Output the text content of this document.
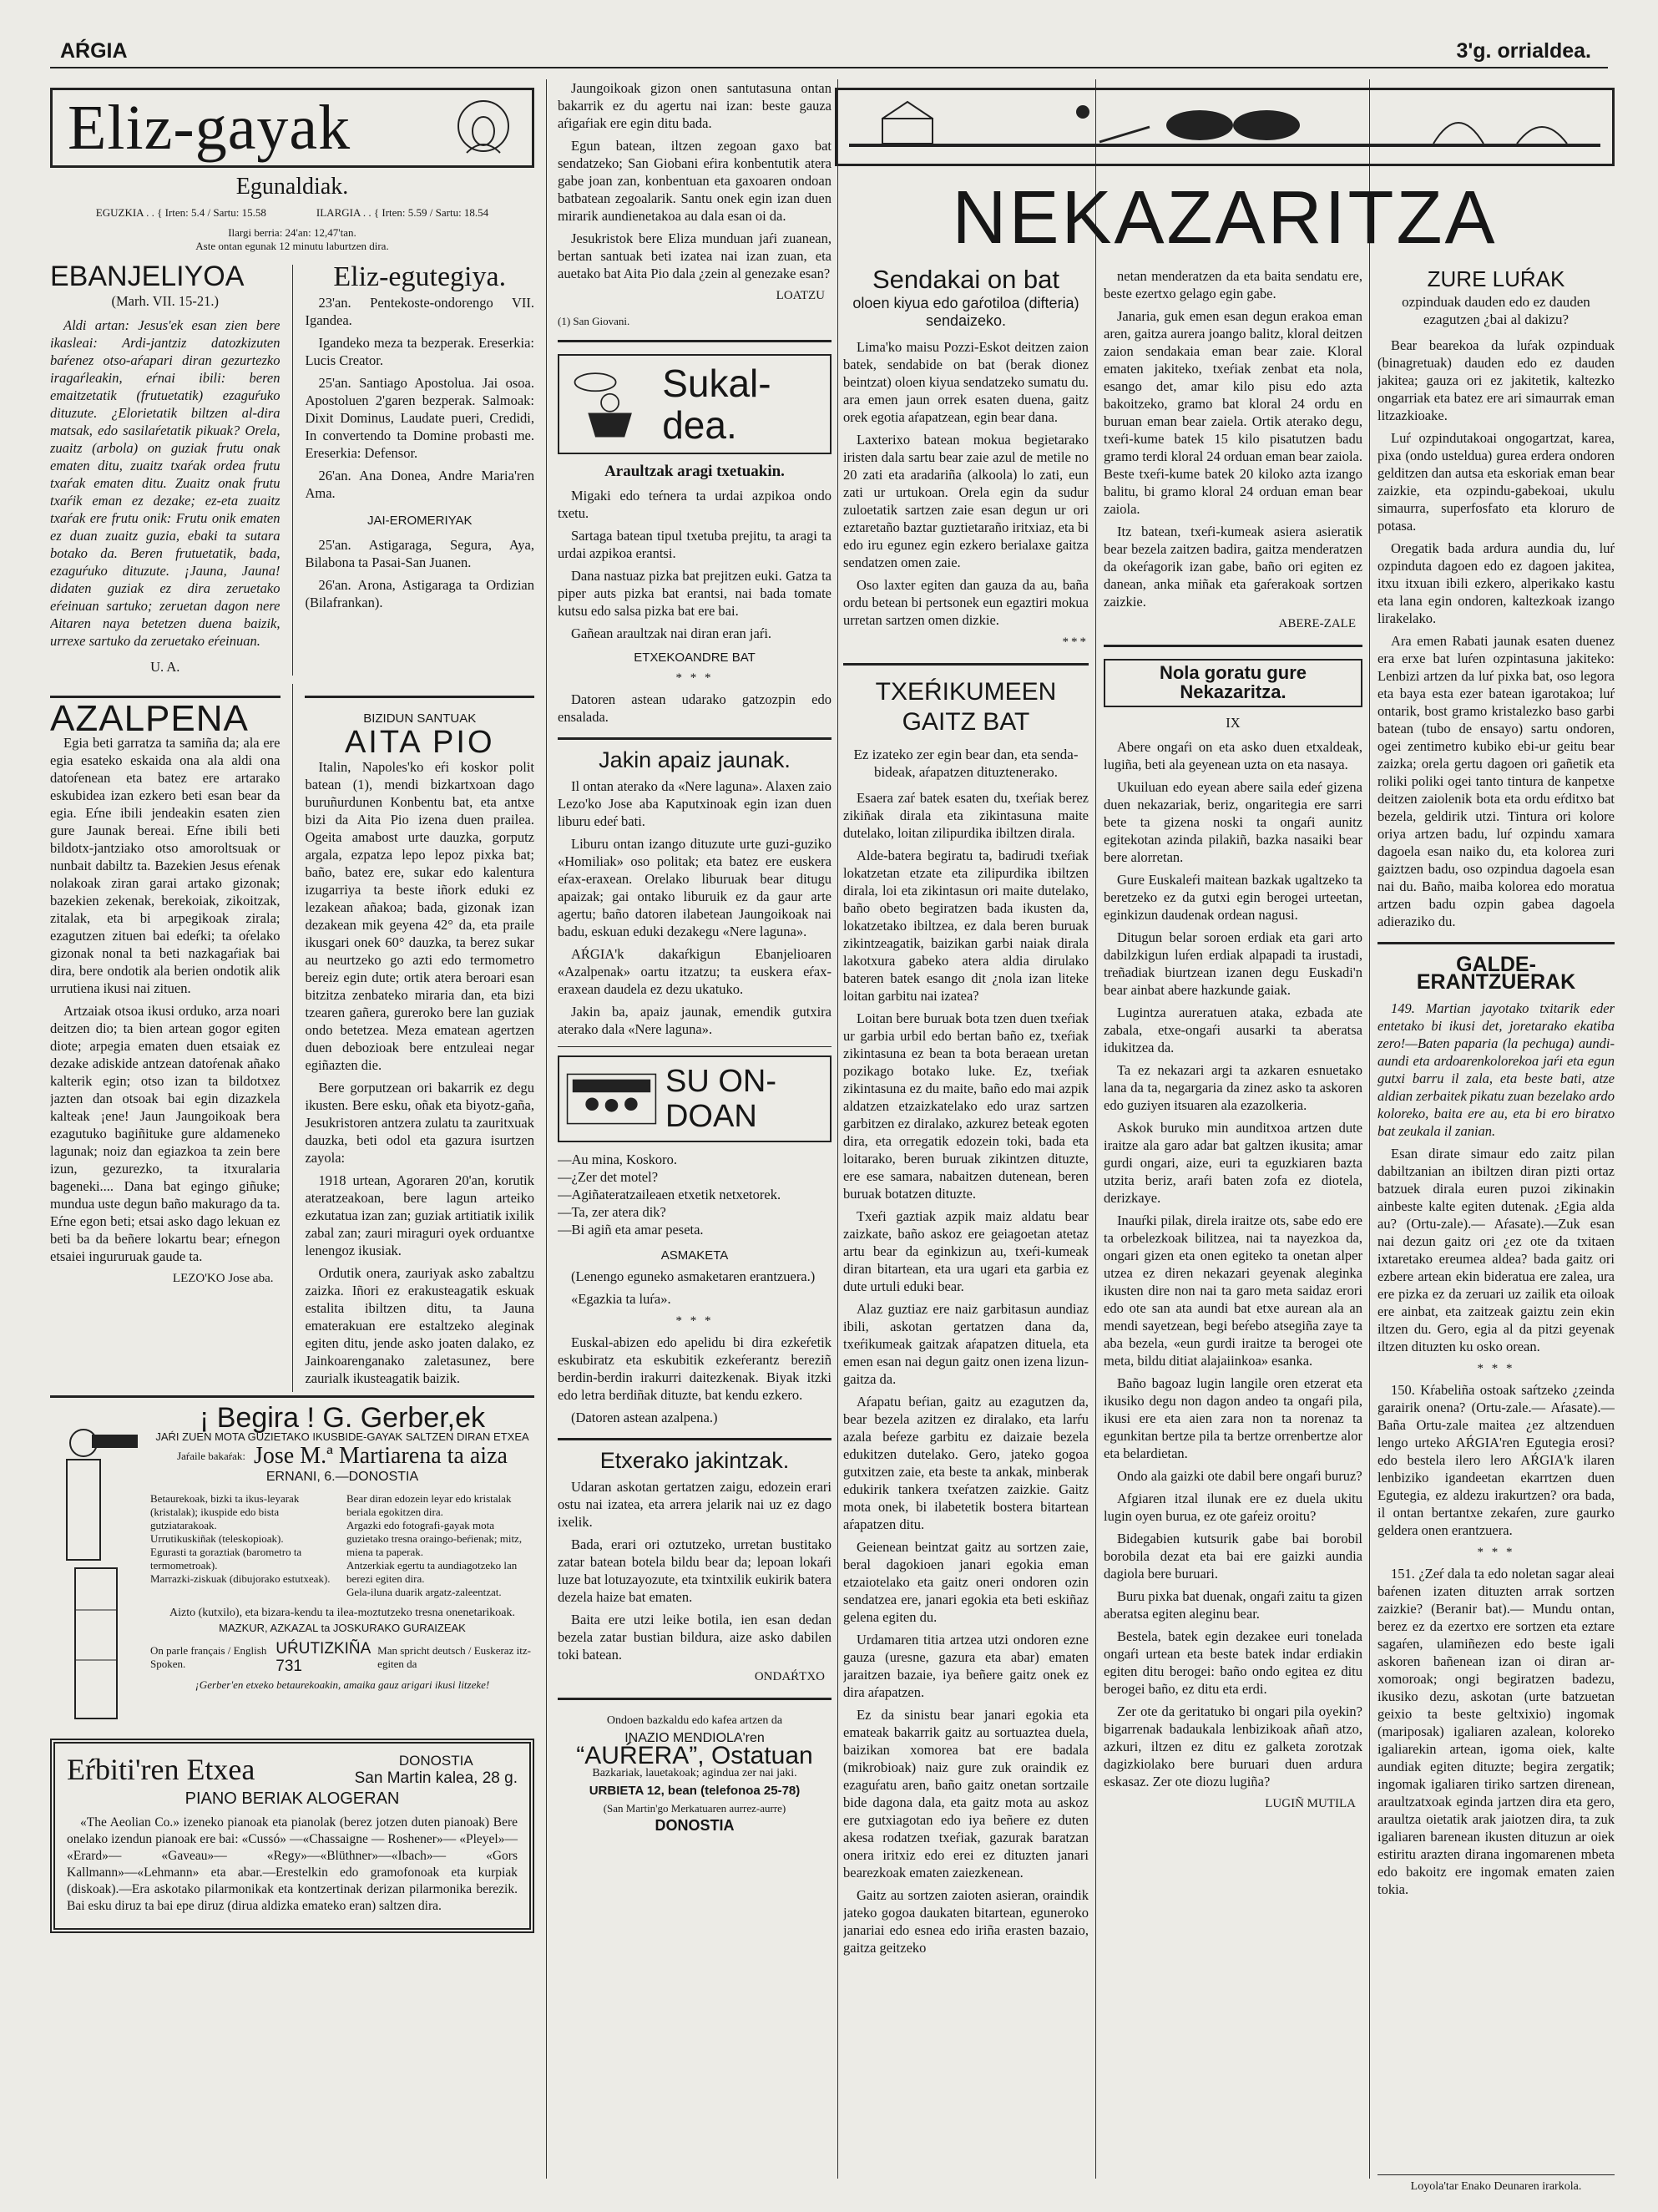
AŔGIA	3'g. orrialdea.
Eliz-gayak
Egunaldiak.
EGUZKIA . . { Irten: 5.4 / Sartu: 15.58	ILARGIA . . { Irten: 5.59 / Sartu: 18.54
Ilargi berria: 24'an: 12,47'tan.
Aste ontan egunak 12 minutu laburtzen dira.
EBANJELIYOA
(Marh. VII. 15-21.)

Aldi artan: Jesus'ek esan zien bere ikasleai: Ardi-jantziz datozkizuten baŕenez otso-aŕapari diran gezurtezko iragaŕleakin, eŕnai ibili: beren emaitzetatik (frutuetatik) ezaguŕuko dituzute. ¿Elorietatik biltzen al-dira matsak, edo sasilaŕetatik pikuak? Orela, zuaitz (arbola) on guziak frutu onak ematen ditu, zuaitz txaŕak ordea frutu txaŕak ematen ditu. Zuaitz onak frutu txaŕik eman ez dezake; ez-eta zuaitz txaŕak ere frutu onik: Frutu onik ematen ez duan zuaitz guzia, ebaki ta sutara botako da. Beren frutuetatik, bada, ezaguŕuko dituzute. ¡Jauna, Jauna! didaten guziak ez dira zeruetako eŕeinuan sartuko; zeruetan dagon nere Aitaren naya betetzen duena baizik, urrexe sartuko da zeruetako eŕeinuan.

U. A.
Eliz-egutegiya.

23'an. Pentekoste-ondorengo VII. Igandea.

Igandeko meza ta bezperak. Ereserkia: Lucis Creator.

25'an. Santiago Apostolua. Jai osoa. Apostoluen 2'garen bezperak. Salmoak: Dixit Dominus, Laudate pueri, Credidi, In convertendo ta Domine probasti me. Ereserkia: Defensor.

26'an. Ana Donea, Andre Maria'ren Ama.

JAI-EROMERIYAK

25'an. Astigaraga, Segura, Aya, Bilabona ta Pasai-San Juanen.

26'an. Arona, Astigaraga ta Ordizian (Bilafrankan).

AZALPENA

Egia beti garratza ta samiña da; ala ere egia esateko eskaida ona ala aldi ona datoŕenean eta batez ere artarako eskubidea izan ezkero beti esan bear da egia. Eŕne ibili jendeakin esaten zien gure Jaunak bereai. Eŕne ibili beti bildotx-jantziako otso amoroltsuak or nunbait dabiltz ta. Bazekien Jesus eŕenak nolakoak ziran garai artako gizonak; bazekien zekenak, berekoiak, zikoitzak, zitalak, eta bi arpegikoak zirala; ezagutzen zituen bai edeŕki; ta oŕelako gizonak nonal ta beti nazkagaŕiak bai dira, bere ondotik ala berien ondotik alik urrutiena ikusi nai zituen.

Artzaiak otsoa ikusi orduko, arza noari deitzen dio; ta bien artean gogor egiten diote; arpegia ematen duen etsaiak ez dezake adiskide antzean datoŕenak añako kalterik egin; otso izan ta bildotxez jazten dan otsoak bai egin dizazkela kalteak ¡ene! Jaun Jaungoikoak bera ezagutuko bagiñituke gure aldameneko lagunak; noiz dan egiazkoa ta zein bere izun, gezurezko, ta itxuralaria bageneki.... Dana bat egingo giñuke; mundua uste degun baño makurago da ta. Eŕne egon beti; etsai asko dago lekuan ez beti ba da beñere lokartu bear; eŕnegon etsaiei ingururuak gaude ta.

LEZO'KO Jose aba.
BIZIDUN SANTUAK
AITA PIO

Italin, Napoles'ko eŕi koskor polit batean (1), mendi bizkartxoan dago buruñurdunen Konbentu bat, eta antxe bizi da Aita Pio izena duen prailea. Ogeita amabost urte dauzka, gorputz argala, ezpatza lepo lepoz pixka bat; baño, batez ere, sukar edo kalentura izugarriya ta beste iñork eduki ez lezakean añakoa; bada, gizonak izan dezakean mik geyena 42° da, eta praile ikusgari onek 60° dauzka, ta berez sukar au neurtzeko go azti edo termometro bereiz egin dute; ortik atera beroari esan bitzitza zenbateko miraria dan, eta bizi tzearen gañera, gureroko bere lan guziak ondo betetzea. Meza ematean agertzen duen debozioak bere entzuleai negar egiñazten die.

Bere gorputzean ori bakarrik ez degu ikusten. Bere esku, oñak eta biyotz-gaña, Jesukristoren antzera zulatu ta zauritxuak dauzka, beti odol eta gazura isurtzen zayola:

1918 urtean, Agoraren 20'an, korutik ateratzeakoan, bere lagun arteiko ezkutatua izan zan; guziak artitiatik ixilik zabal zan; zauri miraguri oyek orduantxe lenengoz ikusiak.

Ordutik onera, zauriyak asko zabaltzu zaizka. Iñori ez erakusteagatik eskuak estalita ibiltzen ditu, ta Jauna ematerakuan ere estaltzeko aleginak egiten ditu, jende asko joaten dalako, ez Jainkoarenganako zaletasunez, bere zaurialk ikusteagatik baizik.

¡ Begira ! G. Gerber,ek
JAŔI ZUEN MOTA GUZIETAKO IKUSBIDE-GAYAK SALTZEN DIRAN ETXEA
Jaŕaile bakaŕak: Jose M.ª Martiarena ta aiza
ERNANI, 6.—DONOSTIA
Betaurekoak, bizki ta ikus-leyarak (kristalak); ikuspide edo bista gutziatarakoak.
Urrutikuskiñak (teleskopioak).
Egurasti ta goraztiak (barometro ta termometroak).
Marrazki-ziskuak (dibujorako estutxeak).
Bear diran edozein leyar edo kristalak beriala egokitzen dira.
Argazki edo fotografi-gayak mota guzietako tresna oraingo-beŕienak; mitz, miena ta paperak.
Antzerkiak egertu ta aundiagotzeko lan berezi egiten dira.
Gela-iluna duarik argatz-zaleentzat.
Aizto (kutxilo), eta bizara-kendu ta ilea-moztutzeko tresna onenetarikoak.
MAZKUR, AZKAZAL ta JOSKURAKO GURAIZEAK
On parle français / English Spoken.
UŔUTIZKIÑA 731
Man spricht deutsch / Euskeraz itz-egiten da
¡Gerber'en etxeko betaurekoakin, amaika gauz arigari ikusi litzeke!
Eŕbiti'ren Etxea	DONOSTIA
San Martin kalea, 28 g.
PIANO BERIAK ALOGERAN

«The Aeolian Co.» izeneko pianoak eta pianolak (berez jotzen duten pianoak) Bere onelako izendun pianoak ere bai: «Cussó» —«Chassaigne — Roshener»— «Pleyel»— «Erard»— «Gaveau»— «Regy»—«Blüthner»—«Ibach»— «Gors Kallmann»—«Lehmann» eta abar.—Erestelkin edo gramofonoak eta kurpiak (diskoak).—Era askotako pilarmonikak eta kontzertinak derizan pilarmonika berezik. Bai esku diruz ta bai epe diruz (dirua aldizka emateko eran) saltzen dira.

Jaungoikoak gizon onen santutasuna ontan bakarrik ez du agertu nai izan: beste gauza aŕigaŕiak ere egin ditu bada.

Egun batean, iltzen zegoan gaxo bat sendatzeko; San Giobani eŕira konbentutik atera gabe joan zan, konbentuan eta gaxoaren ondoan batbatean zegoalarik. Santu onek egin izan duen mirarik aundienetakoa au dala esan oi da.

Jesukristok bere Eliza munduan jaŕi zuanean, bertan santuak beti izatea nai izan zuan, eta auetako bat Aita Pio dala ¿zein al genezake esan?

LOATZU
(1) San Giovani.
Sukal-dea.
Araultzak aragi txetuakin.

Migaki edo teŕnera ta urdai azpikoa ondo txetu.

Sartaga batean tipul txetuba prejitu, ta aragi ta urdai azpikoa erantsi.

Dana nastuaz pizka bat prejitzen euki. Gatza ta piper auts pizka bat erantsi, nai bada tomate kutsu edo salsa pizka bat ere bai.

Gañean araultzak nai diran eran jaŕi.

ETXEKOANDRE BAT
* * *

Datoren astean udarako gatzozpin edo ensalada.

Jakin apaiz jaunak.

Il ontan aterako da «Nere laguna». Alaxen zaio Lezo'ko Jose aba Kaputxinoak egin izan duen liburu edeŕ bati.

Liburu ontan izango dituzute urte guzi-guziko «Homiliak» oso politak; eta batez ere euskera eŕax-eraxean. Orelako liburuak bear ditugu apaizak; gai ontako liburuik ez da gaur arte agertu; baño datoren ilabetean Jaungoikoak nai badu, eskuan eduki dezakegu «Nere laguna».

AŔGIA'k dakaŕkigun Ebanjelioaren «Azalpenak» oartu itzatzu; ta euskera eŕax-eraxean daudela ez dezu ukatuko.

Jakin ba, apaiz jaunak, emendik gutxira aterako dala «Nere laguna».

SU ON-DOAN
—Au mina, Koskoro.
—¿Zer det motel?
—Agiñateratzaileaen etxetik netxetorek.
—Ta, zer atera dik?
—Bi agiñ eta amar peseta.
ASMAKETA

(Lenengo eguneko asmaketaren erantzuera.)

«Egazkia ta luŕa».

* * *

Euskal-abizen edo apelidu bi dira ezkeŕetik eskubiratz eta eskubitik ezkeŕerantz bereziñ berdin-berdin irakurri daitezkenak. Biyak itzki edo letra berdiñak dituzte, bat kendu ezkero.

(Datoren astean azalpena.)

Etxerako jakintzak.

Udaran askotan gertatzen zaigu, edozein erari ostu nai izatea, eta arrera jelarik nai uz ez dago ixelik.

Bada, erari ori oztutzeko, urretan bustitako zatar batean botela bildu bear da; lepoan lokaŕi luze bat lotuzayozute, eta txintxilik eukirik batera dezela haize bat ematen.

Baita ere utzi leike botila, ien esan dedan bezela zatar bustian bildura, aize asko dabilen toki batean.

ONDAŔTXO
Ondoen bazkaldu edo kafea artzen da
INAZIO MENDIOLA'ren
“AUŔERA”, Ostatuan
Bazkariak, lauetakoak; agindua zer nai jaki.
URBIETA 12, bean (telefonoa 25-78)
(San Martin'go Merkatuaren aurrez-aurre)
DONOSTIA
NEKAZARITZA
Sendakai on bat
oloen kiyua edo gaŕotiloa (difteria) sendaizeko.

Lima'ko maisu Pozzi-Eskot deitzen zaion batek, sendabide on bat (berak dionez beintzat) oloen kiyua sendatzeko sumatu du. ara emen jaun orrek esaten duena, gaitz orek egotia aŕapatzean, egin bear dana.

Laxterixo batean mokua begietarako iristen dala sartu bear zaie azul de metile no 20 zati eta aradariña (alkoola) lo zati, eun zati ur urtukoan. Orela egin da sudur zuloetatik sartzen zaie esan degun ur ori eztaretaño baztar guztietaraño iritxiaz, eta bi edo iru egunez egin ezkero berialaxe gaitza sendatzen omen zaie.

Oso laxter egiten dan gauza da au, baña ordu betean bi pertsonek eun egaztiri mokua urretan sartzen omen dizkie.

***
TXEŔIKUMEEN GAITZ BAT
Ez izateko zer egin bear dan, eta senda-bideak, aŕapatzen dituztenerako.

Esaera zaŕ batek esaten du, txeŕiak berez zikiñak dirala eta zikintasuna maite dutelako, loitan zilipurdika ibiltzen dirala.

Alde-batera begiratu ta, badirudi txeŕiak lokatzetan etzate eta zilipurdika ibiltzen dirala, loi eta zikintasun ori maite dutelako, baño obeto begiratzen bada ikusten da, lokatzetako ibiltzea, ez dala beren buruak zikintzeagatik, baizikan garbi naiak dirala lakotxura gabeko atera aldia dirulako bateren batek esango dit ¿nola izan liteke loitan garbitu nai izatea?

Loitan bere buruak bota tzen duen txeŕiak ur garbia urbil edo bertan baño ez, txeŕiak zikintasuna ez bean ta bota beraean uretan pozikago botako luke. Ez, txeŕiak zikintasuna ez du maite, baño edo mai azpik aldatzen etzaizkatelako edo uraz sartzen garbitzen ez diralako, azkurez beteak egoten dira, eta orregatik edozein toki, bada eta loitarako, beren buruak zikintzen dituzte, ere ese samara, nabaitzen dutenean, beren buruak botatzen dituzte.

Txeŕi gaztiak azpik maiz aldatu bear zaizkate, baño askoz ere geiagoetan atetaz artu bear da eginkizun au, txeŕi-kumeak diran bitartean, eta ura ugari eta garbia ez dute urtuli eduki bear.

Alaz guztiaz ere naiz garbitasun aundiaz ibili, askotan gertatzen dana da, txeŕikumeak gaitzak aŕapatzen dituela, eta emen esan nai degun gaitz onen izena lizun-gaitza da.

Aŕapatu beŕian, gaitz au ezagutzen da, bear bezela azitzen ez diralako, eta larŕu azala beŕeze garbitu ez daizaie bezela edukitzen dutelako. Gero, jateko gogoa gutxitzen zaie, eta beste ta ankak, minberak edukirik tankera txeŕatzen zaizkie. Gaitz mota onek, bi ilabetetik bostera bitartean aŕapatzen ditu.

Geienean beintzat gaitz au sortzen zaie, beral dagokioen janari egokia eman etzaiotelako eta gaitz oneri ondoren ozin sendatzea ere, janari egokia eta beti eskiñaz gelena egiten du.

Urdamaren titia artzea utzi ondoren ezne gauza (uresne, gazura eta abar) ematen jaraitzen bazaie, iya beñere gaitz onek ez dira aŕapatzen.

Ez da sinistu bear janari egokia eta emateak bakarrik gaitz au sortuaztea duela, baizikan xomorea bat ere badala (mikrobioak) naiz gure zuk oraindik ez ezaguŕatu aren, baño gaitz onetan sortzaile bide dagona dala, eta gaitz mota au askoz ere gutxiagotan edo iya beñere ez duten akesa rodatzen txeŕiak, gazurak baratzan onera iritxiz edo erei ez dituzten janari bearezkoak ematen zaiezkenean.

Gaitz au sortzen zaioten asieran, oraindik jateko gogoa daukaten bitartean, eguneroko janariai edo esnea edo iriña erasten bazaio, gaitza geitzeko

netan menderatzen da eta baita sendatu ere, beste ezertxo gelago egin gabe.

Janaria, guk emen esan degun erakoa eman aren, gaitza aurera joango balitz, kloral deitzen zaion sendakaia eman bear zaie. Kloral ematen jakiteko, txeŕiak zenbat eta nola, esango det, amar kilo pisu edo azta bakoitzeko, gramo bat kloral 24 ordu en buruan eman bear zaiela. Ortik aterako degu, txeŕi-kume batek 15 kilo pisatutzen badu gramo terdi kloral 24 orduan eman bear zaiola. Beste txeŕi-kume batek 20 kiloko azta izango balitu, bi gramo kloral 24 orduan eman bear zaiola.

Itz batean, txeŕi-kumeak asiera asieratik bear bezela zaitzen badira, gaitza menderatzen da okeŕagorik izan gabe, baño ori egiten ez danean, anka miñak eta gaŕerakoak sortzen zaizkie.

ABERE-ZALE
Nola goratu gure Nekazaritza.
IX

Abere ongaŕi on eta asko duen etxaldeak, lugiña, beti ala geyenean uzta on eta nasaya.

Ukuiluan edo eyean abere saila edeŕ gizena duen nekazariak, beriz, ongaritegia ere sarri bete ta gizena noski ta ongaŕi aunitz egitekotan azinda pilakiñ, bazka nasaiki bear bere alorretan.

Gure Euskaleŕi maitean bazkak ugaltzeko ta beretzeko ez da gutxi egin berogei urteetan, eginkizun daudenak ordean nagusi.

Ditugun belar soroen erdiak eta gari arto dabilzkigun luŕen erdiak alpapadi ta irustadi, treñadiak biurtzean izanen degu Euskadi'n bear ainbat abere hazkunde gaiak.

Lugintza aureratuen ataka, ezbada ate zabala, etxe-ongaŕi ausarki ta aberatsa idukitzea da.

Ta ez nekazari argi ta azkaren esnuetako lana da ta, negargaria da zinez asko ta askoren edo guziyen itsuaren ala ezazolkeria.

Askok buruko min aunditxoa artzen dute iraitze ala garo adar bat galtzen ikusita; amar gurdi ongari, aize, euri ta eguzkiaren bazta utzita beriz, araŕi baten zofa ez diotela, derizkaye.

Inauŕki pilak, direla iraitze ots, sabe edo ere ta orbelezkoak bilitzea, nai ta nayezkoa da, ongari gizen eta onen egiteko ta onetan alper utzea ez diren nekazari geyenak aleginka ikusten dire non nai ta garo meta saidaz erori edo ote san ata aundi bat etxe aurean ala an mendi sayetzean, begi beŕebo atsegiña zaye ta aba bezela, «eun gurdi iraitze ta berogei ote meta, bildu ditiat alajaiinkoa» esanka.

Baño bagoaz lugin langile oren etzerat eta ikusiko degu non dagon andeo ta ongaŕi pila, ikusi ere eta aien zara non ta norenaz ta egunkitan bertze pila ta bertze orrenbertze alor eta belardietan.

Ondo ala gaizki ote dabil bere ongaŕi buruz?

Afgiaren itzal ilunak ere ez duela ukitu lugin oyen burua, ez ote gaŕeiz oroitu?

Bidegabien kutsurik gabe bai borobil borobila dezat eta bai ere gaizki aundia dagiola bere buruari.

Buru pixka bat duenak, ongaŕi zaitu ta gizen aberatsa egiten aleginu bear.

Bestela, batek egin dezakee euri tonelada ongaŕi urtean eta beste batek indar erdiakin egiten ditu berogei: baño ondo egitea ez ditu berogei baño, ez ditu eta erdi.

Zer ote da geritatuko bi ongari pila oyekin? bigarrenak badaukala lenbizikoak añañ atzo, azkuri, iltzen ez ditu ez galketa zorotzak dagizkiolako bere buruari duen ardura eskasaz. Zer ote diozu lugiña?

LUGIÑ MUTILA
ZURE LUŔAK
ozpinduak dauden edo ez dauden ezagutzen ¿bai al dakizu?

Bear bearekoa da luŕak ozpinduak (binagretuak) dauden edo ez dauden jakitea; gauza ori ez jakitetik, kaltezko ongarriak eta batez ere ari simaurrak eman litzazkioake.

Luŕ ozpindutakoai ongogartzat, karea, pixa (ondo usteldua) gurea erdera ondoren gelditzen dan autsa eta eskoriak eman bear zaizkie, eta ozpindu-gabekoai, ukulu simaurra, superfosfato eta kloruro de potasa.

Oregatik bada ardura aundia du, luŕ ozpinduta dagoen edo ez dagoen jakitea, itxu itxuan ibili ezkero, alperikako kastu eta lana egin ondoren, kaltezkoak izango lirakelako.

Ara emen Rabati jaunak esaten duenez era erxe bat luŕen ozpintasuna jakiteko: Lenbizi artzen da luŕ pixka bat, oso legora eta baya esta ezer batean igarotakoa; luŕ ontarik, bost gramo kristalezko baso garbi batean (tubo de ensayo) sartu ondoren, ogei zentimetro kubiko ebi-ur geitu bear zaizka; orela gertu dagoen ori gañetik eta roliki poliki ogei tanto tintura de kanpetxe deitzen zaiolenik bota eta ordu eŕditxo bat bezela, geldirik utzi. Tintura ori kolore oriya artzen badu, luŕ ozpindu xamara dagoela esan naiko du, eta kolorea zuri gaiztzen badu, oso ozpindua dagoela esan nai du. Baño, maiba kolorea edo moratua artzen badu ozpin gabea dagoela adieraziko du.

GALDE-ERANTZUERAK

149. Martian jayotako txitarik eder entetako bi ikusi det, joretarako ekatiba zero!—Baten paparia (la pechuga) aundi-aundi eta ardoarenkolorekoa jaŕi eta egun gutxi barru il zala, eta beste bati, atze aldian zerbaitek pikatu zuan bezelako ardo koloreko, baita ere au, eta bi ero biratxo bat zeukala il zanian.

Esan dirate simaur edo zaitz pilan dabiltzanian an ibiltzen diran pizti ortaz batzuek dirala euren puzoi zikinakin ainbeste kalte egiten dutenak. ¿Egia alda au? (Ortu-zale).— Aŕasate).—Zuk esan nai dezun gaitz ori ¿ez ote da txitaen ixtaretako ereumea aldea? bada gaitz ori ezbere artean ekin bideratua ere zalea, ura ere pizka ez da zeruari uz zailik eta oiloak ere ainbat, eta zaitzeak gaiztu zein ekin iltzen du. Gero, egia al da pitzi geyenak iltzen dituzten ku osko orean.

* * *

150. Kŕabeliña ostoak saŕtzeko ¿zeinda garairik onena? (Ortu-zale.— Aŕasate).—Baña Ortu-zale maitea ¿ez altzenduen lengo urteko AŔGIA'ren Egutegia erosi? edo bestela ilero lero AŔGIA'k ilaren lenbiziko igandeetan ekarrtzen duen Egutegia, ez aldezu irakurtzen? ora bada, il ontan bertantxe zekaŕen, zure gaurko geldera onen erantzuera.

* * *

151. ¿Zeŕ dala ta edo noletan sagar aleai baŕenen izaten dituzten arrak sortzen zaizkie? (Beranir bat).— Mundu ontan, berez ez da ezertxo ere sortzen eta eztare sagaŕen, ulamiñezen edo beste igali askoren bañenean izan oi diran ar-xomoroak; ongi begiratzen badezu, ikusiko dezu, askotan (urte batzuetan geixio ta beste geltxixio) ingomak (mariposak) igaliaren azalean, koloreko igaliarekin artean, igoma oiek, kalte aundiak egiten dituzte; begira zergatik; ingomak igaliaren tiriko sartzen direnean, araultzatxoak eginda jartzen dira eta gero, araultza oietatik arak jaiotzen dira, ta zuk igaliaren barenean ikusten dituzun ar oiek estiritu arazten dirana ingomarenen mbeta edo bakoitz ere ingomak ematen zaien tokia.

Loyola'tar Enako Deunaren irarkola.
